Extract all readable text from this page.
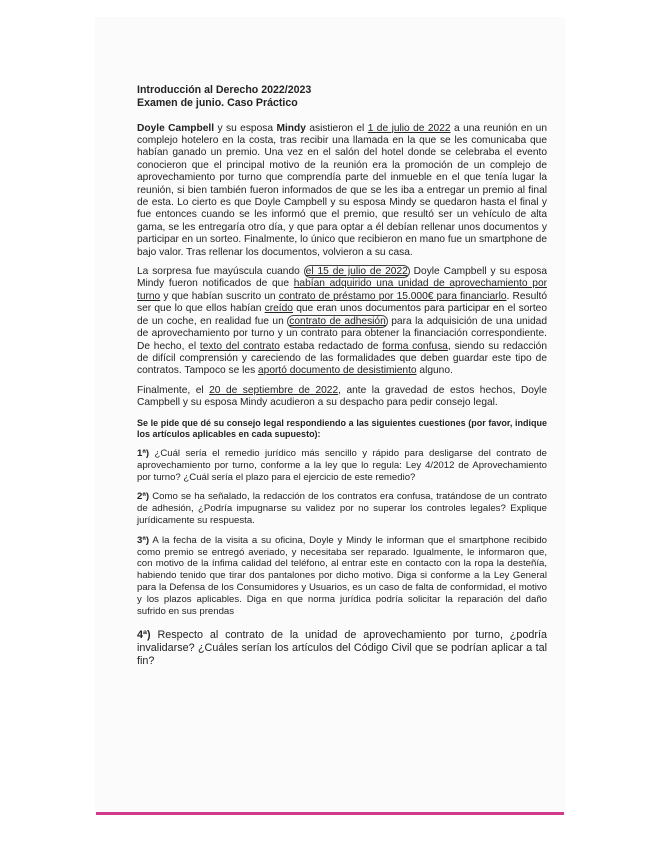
Introducción al Derecho 2022/2023
Examen de junio. Caso Práctico

Doyle Campbell y su esposa Mindy asistieron el 1 de julio de 2022 a una reunión en un complejo hotelero en la costa, tras recibir una llamada en la que se les comunicaba que habían ganado un premio. Una vez en el salón del hotel donde se celebraba el evento conocieron que el principal motivo de la reunión era la promoción de un complejo de aprovechamiento por turno que comprendía parte del inmueble en el que tenía lugar la reunión, si bien también fueron informados de que se les iba a entregar un premio al final de esta. Lo cierto es que Doyle Campbell y su esposa Mindy se quedaron hasta el final y fue entonces cuando se les informó que el premio, que resultó ser un vehículo de alta gama, se les entregaría otro día, y que para optar a él debían rellenar unos documentos y participar en un sorteo. Finalmente, lo único que recibieron en mano fue un smartphone de bajo valor. Tras rellenar los documentos, volvieron a su casa.

La sorpresa fue mayúscula cuando el 15 de julio de 2022 Doyle Campbell y su esposa Mindy fueron notificados de que habían adquirido una unidad de aprovechamiento por turno y que habían suscrito un contrato de préstamo por 15.000€ para financiarlo. Resultó ser que lo que ellos habían creído que eran unos documentos para participar en el sorteo de un coche, en realidad fue un contrato de adhesión para la adquisición de una unidad de aprovechamiento por turno y un contrato para obtener la financiación correspondiente. De hecho, el texto del contrato estaba redactado de forma confusa, siendo su redacción de difícil comprensión y careciendo de las formalidades que deben guardar este tipo de contratos. Tampoco se les aportó documento de desistimiento alguno.

Finalmente, el 20 de septiembre de 2022, ante la gravedad de estos hechos, Doyle Campbell y su esposa Mindy acudieron a su despacho para pedir consejo legal.

Se le pide que dé su consejo legal respondiendo a las siguientes cuestiones (por favor, indique los artículos aplicables en cada supuesto):

1ª) ¿Cuál sería el remedio jurídico más sencillo y rápido para desligarse del contrato de aprovechamiento por turno, conforme a la ley que lo regula: Ley 4/2012 de Aprovechamiento por turno? ¿Cuál sería el plazo para el ejercicio de este remedio?

2ª) Como se ha señalado, la redacción de los contratos era confusa, tratándose de un contrato de adhesión, ¿Podría impugnarse su validez por no superar los controles legales? Explique jurídicamente su respuesta.

3ª) A la fecha de la visita a su oficina, Doyle y Mindy le informan que el smartphone recibido como premio se entregó averiado, y necesitaba ser reparado. Igualmente, le informaron que, con motivo de la ínfima calidad del teléfono, al entrar este en contacto con la ropa la desteñía, habiendo tenido que tirar dos pantalones por dicho motivo. Diga si conforme a la Ley General para la Defensa de los Consumidores y Usuarios, es un caso de falta de conformidad, el motivo y los plazos aplicables. Diga en que norma jurídica podría solicitar la reparación del daño sufrido en sus prendas

4ª) Respecto al contrato de la unidad de aprovechamiento por turno, ¿podría invalidarse? ¿Cuáles serían los artículos del Código Civil que se podrían aplicar a tal fin?
